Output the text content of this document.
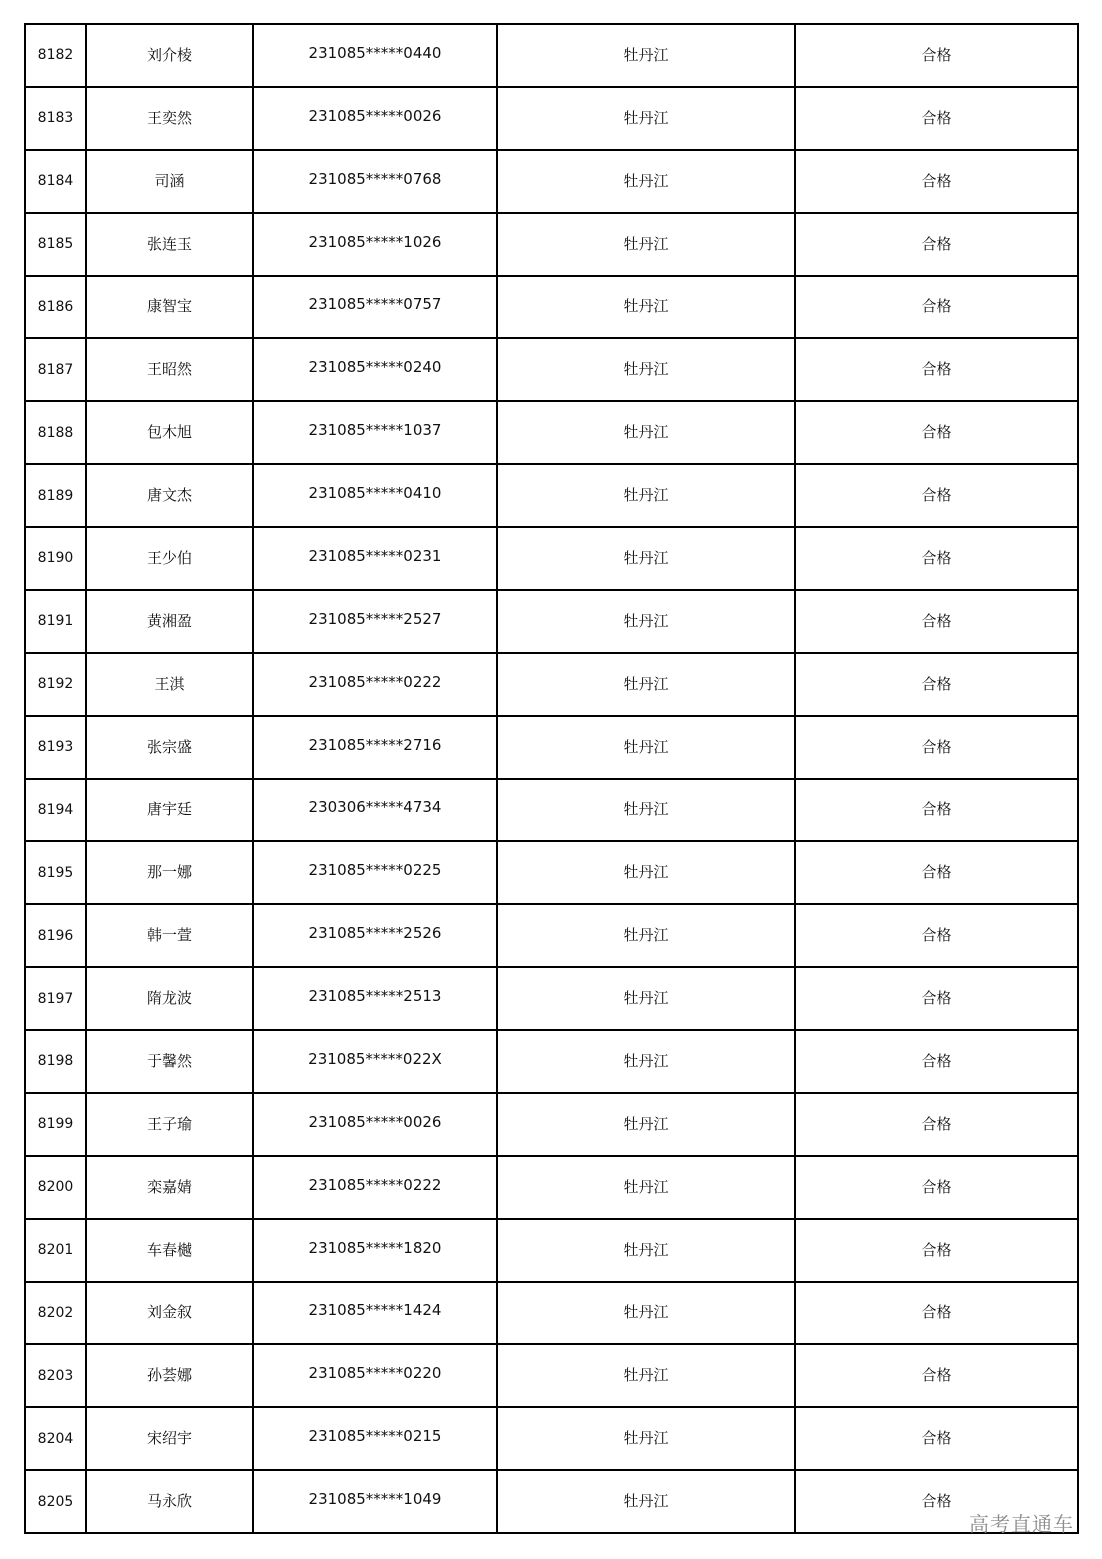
8182	刘介棱	231085*****0440	牡丹江	合格
8183	王奕然	231085*****0026	牡丹江	合格
8184	司涵	231085*****0768	牡丹江	合格
8185	张连玉	231085*****1026	牡丹江	合格
8186	康智宝	231085*****0757	牡丹江	合格
8187	王昭然	231085*****0240	牡丹江	合格
8188	包木旭	231085*****1037	牡丹江	合格
8189	唐文杰	231085*****0410	牡丹江	合格
8190	王少伯	231085*****0231	牡丹江	合格
8191	黄湘盈	231085*****2527	牡丹江	合格
8192	王淇	231085*****0222	牡丹江	合格
8193	张宗盛	231085*****2716	牡丹江	合格
8194	唐宇廷	230306*****4734	牡丹江	合格
8195	那一娜	231085*****0225	牡丹江	合格
8196	韩一萱	231085*****2526	牡丹江	合格
8197	隋龙波	231085*****2513	牡丹江	合格
8198	于馨然	231085*****022X	牡丹江	合格
8199	王子瑜	231085*****0026	牡丹江	合格
8200	栾嘉婧	231085*****0222	牡丹江	合格
8201	车春樾	231085*****1820	牡丹江	合格
8202	刘金叙	231085*****1424	牡丹江	合格
8203	孙荟娜	231085*****0220	牡丹江	合格
8204	宋绍宇	231085*****0215	牡丹江	合格
8205	马永欣	231085*****1049	牡丹江	合格
高考直通车
